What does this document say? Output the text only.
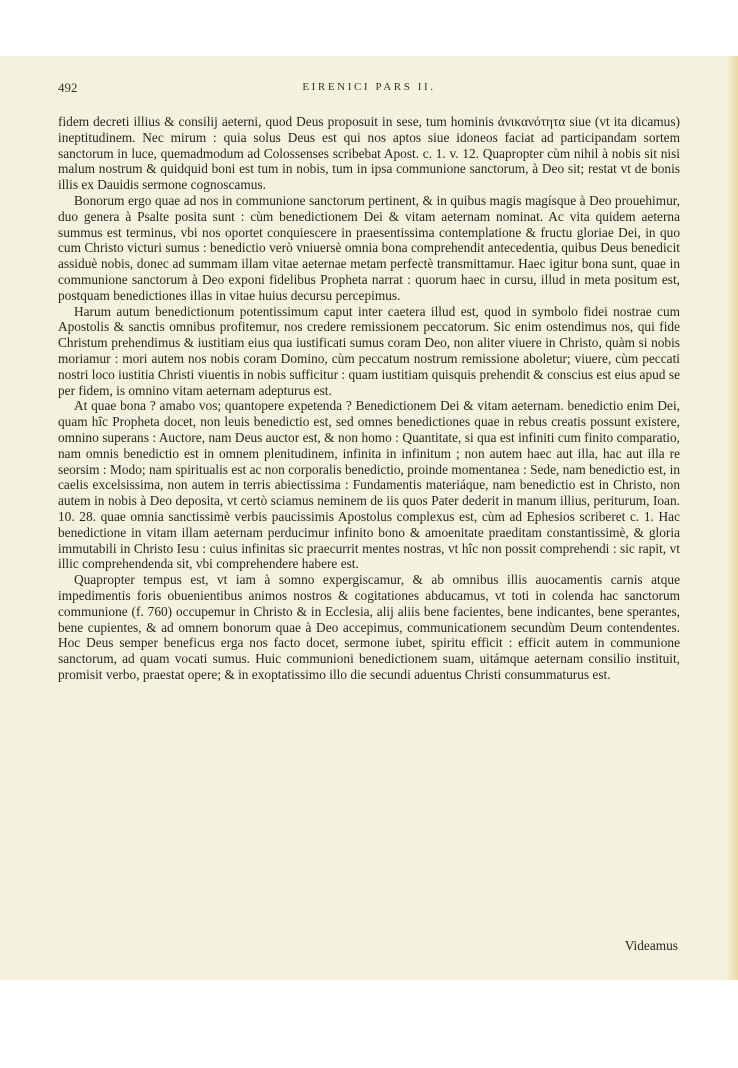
492	EIRENICI PARS II.

fidem decreti illius & consilij aeterni, quod Deus proposuit in sese, tum hominis ἀνικανότητα siue (vt ita dicamus) ineptitudinem. Nec mirum : quia solus Deus est qui nos aptos siue idoneos faciat ad participandam sortem sanctorum in luce, quemadmodum ad Colossenses scribebat Apost. c. 1. v. 12. Quapropter cùm nihil à nobis sit nisi malum nostrum & quidquid boni est tum in nobis, tum in ipsa communione sanctorum, à Deo sit; restat vt de bonis illis ex Dauidis sermone cognoscamus.

Bonorum ergo quae ad nos in communione sanctorum pertinent, & in quibus magis magísque à Deo prouehimur, duo genera à Psalte posita sunt : cùm benedictionem Dei & vitam aeternam nominat. Ac vita quidem aeterna summus est terminus, vbi nos oportet conquiescere in praesentissima contemplatione & fructu gloriae Dei, in quo cum Christo victuri sumus : benedictio verò vniuersè omnia bona comprehendit antecedentia, quibus Deus benedicit assiduè nobis, donec ad summam illam vitae aeternae metam perfectè transmittamur. Haec igitur bona sunt, quae in communione sanctorum à Deo exponi fidelibus Propheta narrat : quorum haec in cursu, illud in meta positum est, postquam benedictiones illas in vitae huius decursu percepimus.

Harum autum benedictionum potentissimum caput inter caetera illud est, quod in symbolo fidei nostrae cum Apostolis & sanctis omnibus profitemur, nos credere remissionem peccatorum. Sic enim ostendimus nos, qui fide Christum prehendimus & iustitiam eius qua iustificati sumus coram Deo, non aliter viuere in Christo, quàm si nobis moriamur : mori autem nos nobis coram Domino, cùm peccatum nostrum remissione aboletur; viuere, cùm peccati nostri loco iustitia Christi viuentis in nobis sufficitur : quam iustitiam quisquis prehendit & conscius est eius apud se per fidem, is omnino vitam aeternam adepturus est.

At quae bona ? amabo vos; quantopere expetenda ? Benedictionem Dei & vitam aeternam. benedictio enim Dei, quam hîc Propheta docet, non leuis benedictio est, sed omnes benedictiones quae in rebus creatis possunt existere, omnino superans : Auctore, nam Deus auctor est, & non homo : Quantitate, si qua est infiniti cum finito comparatio, nam omnis benedictio est in omnem plenitudinem, infinita in infinitum ; non autem haec aut illa, hac aut illa re seorsim : Modo; nam spiritualis est ac non corporalis benedictio, proinde momentanea : Sede, nam benedictio est, in caelis excelsissima, non autem in terris abiectissima : Fundamentis materiáque, nam benedictio est in Christo, non autem in nobis à Deo deposita, vt certò sciamus neminem de iis quos Pater dederit in manum illius, periturum, Ioan. 10. 28. quae omnia sanctissimè verbis paucissimis Apostolus complexus est, cùm ad Ephesios scriberet c. 1. Hac benedictione in vitam illam aeternam perducimur infinito bono & amoenitate praeditam constantissimè, & gloria immutabili in Christo Iesu : cuius infinitas sic praecurrit mentes nostras, vt hîc non possit comprehendi : sic rapit, vt illic comprehendenda sit, vbi comprehendere habere est.

Quapropter tempus est, vt iam à somno expergiscamur, & ab omnibus illis auocamentis carnis atque impedimentis foris obuenientibus animos nostros & cogitationes abducamus, vt toti in colenda hac sanctorum communione (f. 760) occupemur in Christo & in Ecclesia, alij aliis bene facientes, bene indicantes, bene sperantes, bene cupientes, & ad omnem bonorum quae à Deo accepimus, communicationem secundùm Deum contendentes. Hoc Deus semper beneficus erga nos facto docet, sermone iubet, spiritu efficit : efficit autem in communione sanctorum, ad quam vocati sumus. Huic communioni benedictionem suam, uitámque aeternam consilio instituit, promisit verbo, praestat opere; & in exoptatissimo illo die secundi aduentus Christi consummaturus est.

Videamus
